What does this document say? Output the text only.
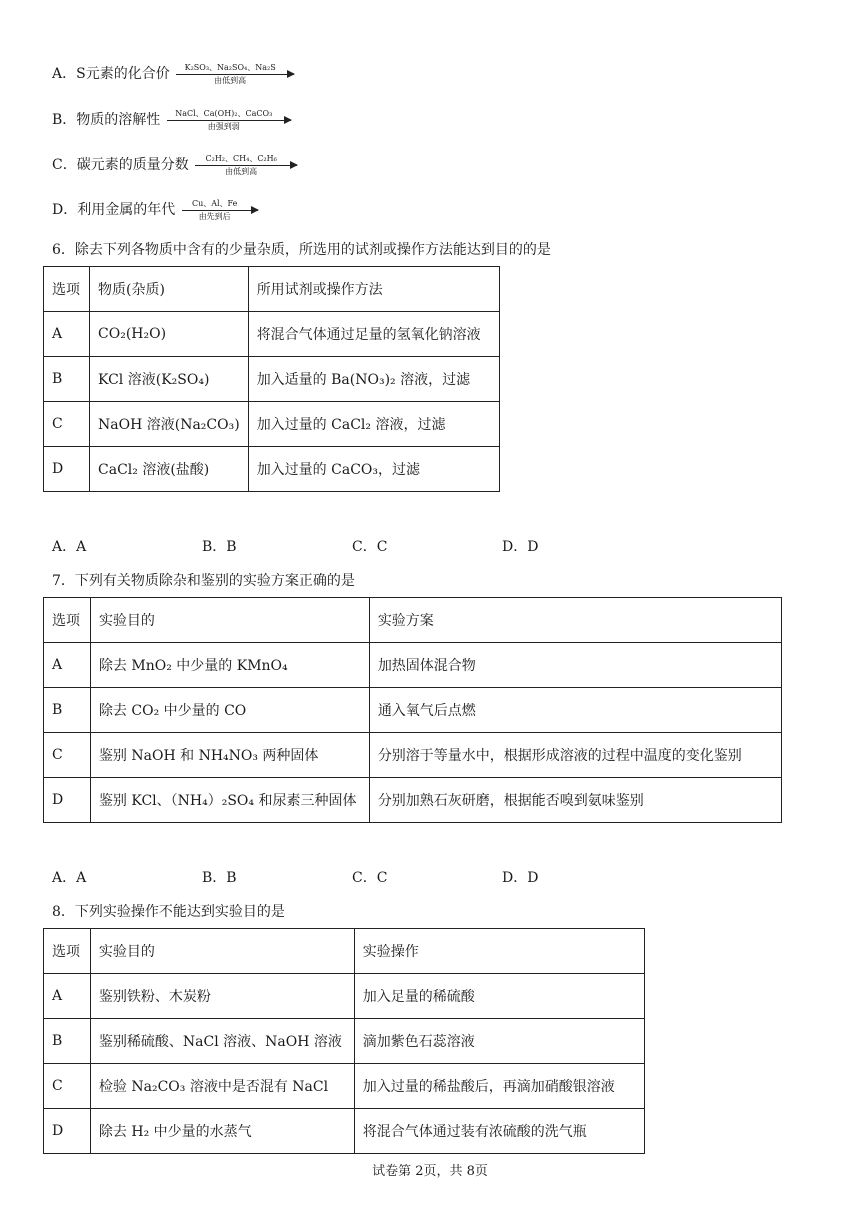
A．S元素的化合价	K₂SO₃、Na₂SO₄、Na₂S
由低到高
B．物质的溶解性	NaCl、Ca(OH)₂、CaCO₃
由强到弱
C．碳元素的质量分数	C₂H₂、CH₄、C₂H₆
由低到高
D．利用金属的年代	Cu、Al、Fe
由先到后
6．除去下列各物质中含有的少量杂质，所选用的试剂或操作方法能达到目的的是
选项	物质(杂质)	所用试剂或操作方法
A	CO₂(H₂O)	将混合气体通过足量的氢氧化钠溶液
B	KCl 溶液(K₂SO₄)	加入适量的 Ba(NO₃)₂ 溶液，过滤
C	NaOH 溶液(Na₂CO₃)	加入过量的 CaCl₂ 溶液，过滤
D	CaCl₂ 溶液(盐酸)	加入过量的 CaCO₃，过滤
A．A	B．B	C．C	D．D
7．下列有关物质除杂和鉴别的实验方案正确的是
选项	实验目的	实验方案
A	除去 MnO₂ 中少量的 KMnO₄	加热固体混合物
B	除去 CO₂ 中少量的 CO	通入氧气后点燃
C	鉴别 NaOH 和 NH₄NO₃ 两种固体	分别溶于等量水中，根据形成溶液的过程中温度的变化鉴别
D	鉴别 KCl、（NH₄）₂SO₄ 和尿素三种固体	分别加熟石灰研磨，根据能否嗅到氨味鉴别
A．A	B．B	C．C	D．D
8．下列实验操作不能达到实验目的是
选项	实验目的	实验操作
A	鉴别铁粉、木炭粉	加入足量的稀硫酸
B	鉴别稀硫酸、NaCl 溶液、NaOH 溶液	滴加紫色石蕊溶液
C	检验 Na₂CO₃ 溶液中是否混有 NaCl	加入过量的稀盐酸后，再滴加硝酸银溶液
D	除去 H₂ 中少量的水蒸气	将混合气体通过装有浓硫酸的洗气瓶
试卷第 2页，共 8页
